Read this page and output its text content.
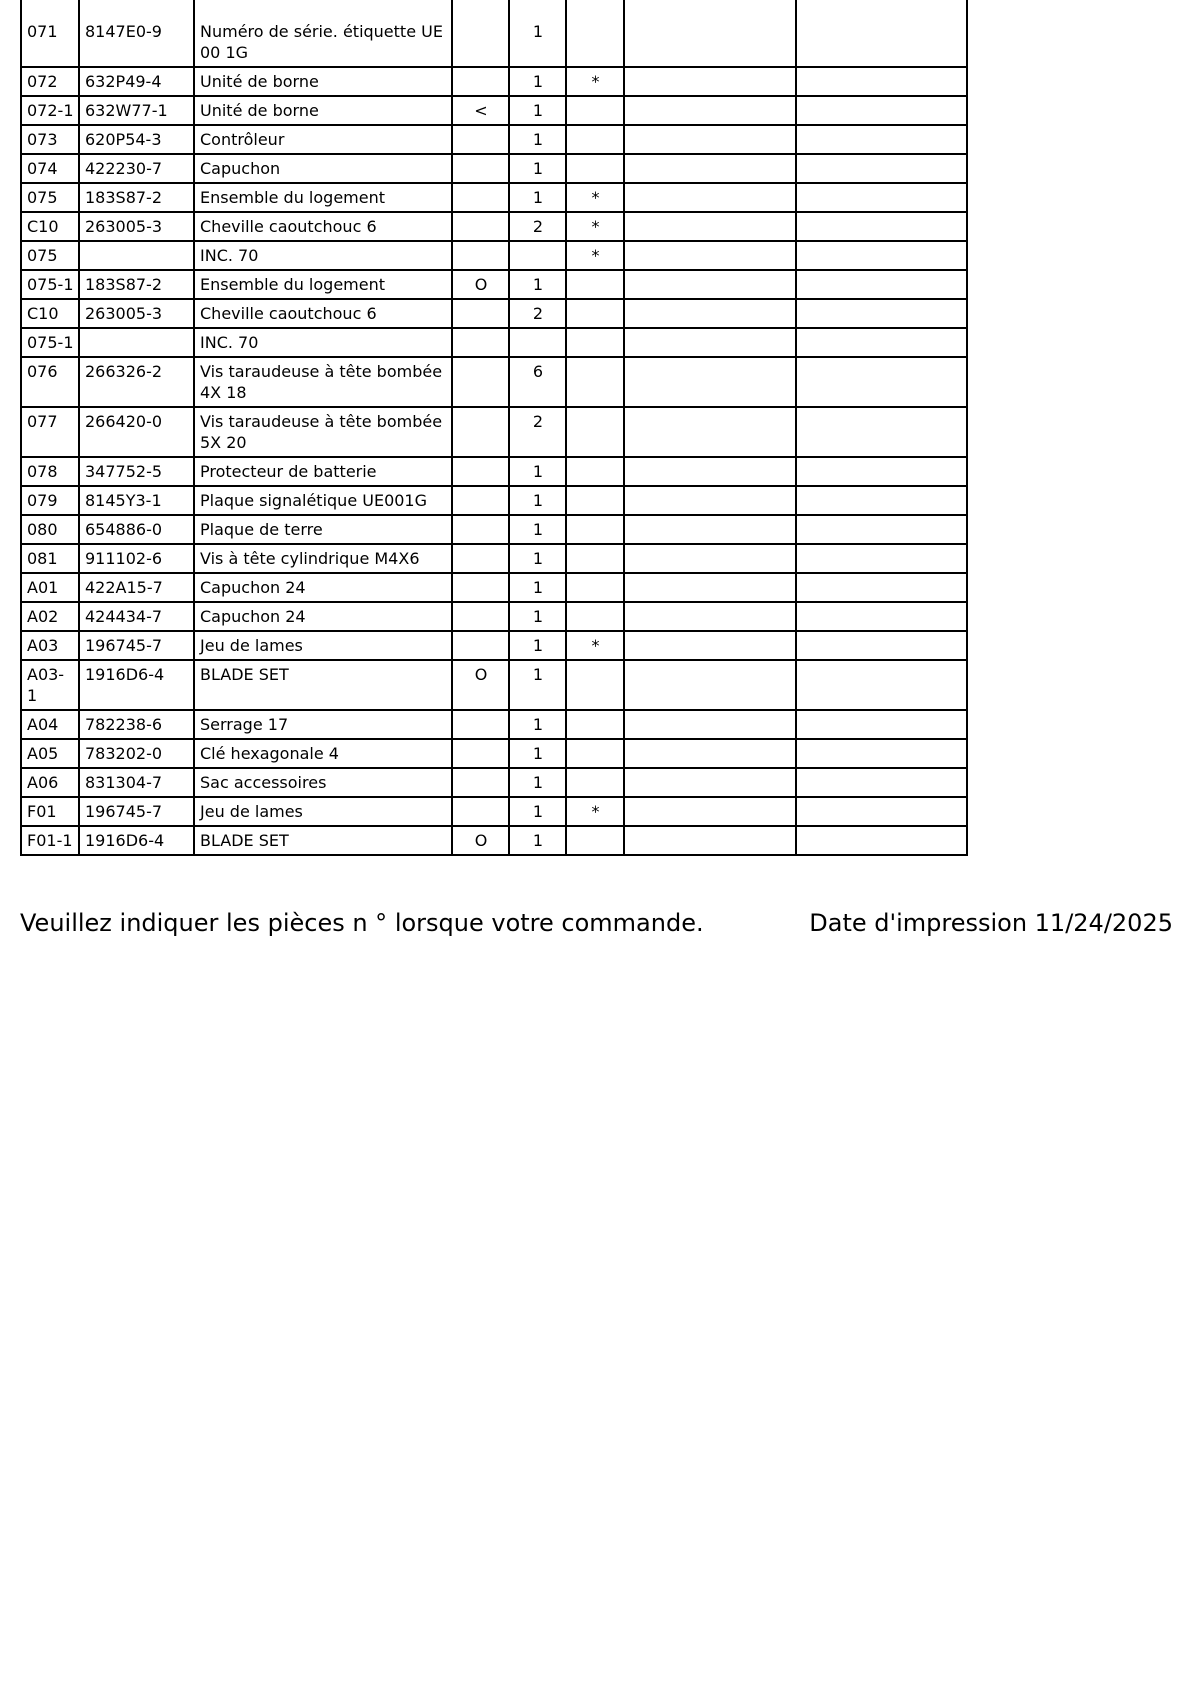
071	8147E0-9	Numéro de série. étiquette UE00 1G		1			
072	632P49-4	Unité de borne		1	*		
072-1	632W77-1	Unité de borne	<	1			
073	620P54-3	Contrôleur		1			
074	422230-7	Capuchon		1			
075	183S87-2	Ensemble du logement		1	*		
C10	263005-3	Cheville caoutchouc 6		2	*		
075		INC. 70			*		
075-1	183S87-2	Ensemble du logement	O	1			
C10	263005-3	Cheville caoutchouc 6		2			
075-1		INC. 70					
076	266326-2	Vis taraudeuse à tête bombée 4X 18		6			
077	266420-0	Vis taraudeuse à tête bombée 5X 20		2			
078	347752-5	Protecteur de batterie		1			
079	8145Y3-1	Plaque signalétique UE001G		1			
080	654886-0	Plaque de terre		1			
081	911102-6	Vis à tête cylindrique M4X6		1			
A01	422A15-7	Capuchon 24		1			
A02	424434-7	Capuchon 24		1			
A03	196745-7	Jeu de lames		1	*		
A03-1	1916D6-4	BLADE SET	O	1			
A04	782238-6	Serrage 17		1			
A05	783202-0	Clé hexagonale 4		1			
A06	831304-7	Sac accessoires		1			
F01	196745-7	Jeu de lames		1	*		
F01-1	1916D6-4	BLADE SET	O	1			
Veuillez indiquer les pièces n ° lorsque votre commande.	Date d'impression 11/24/2025
